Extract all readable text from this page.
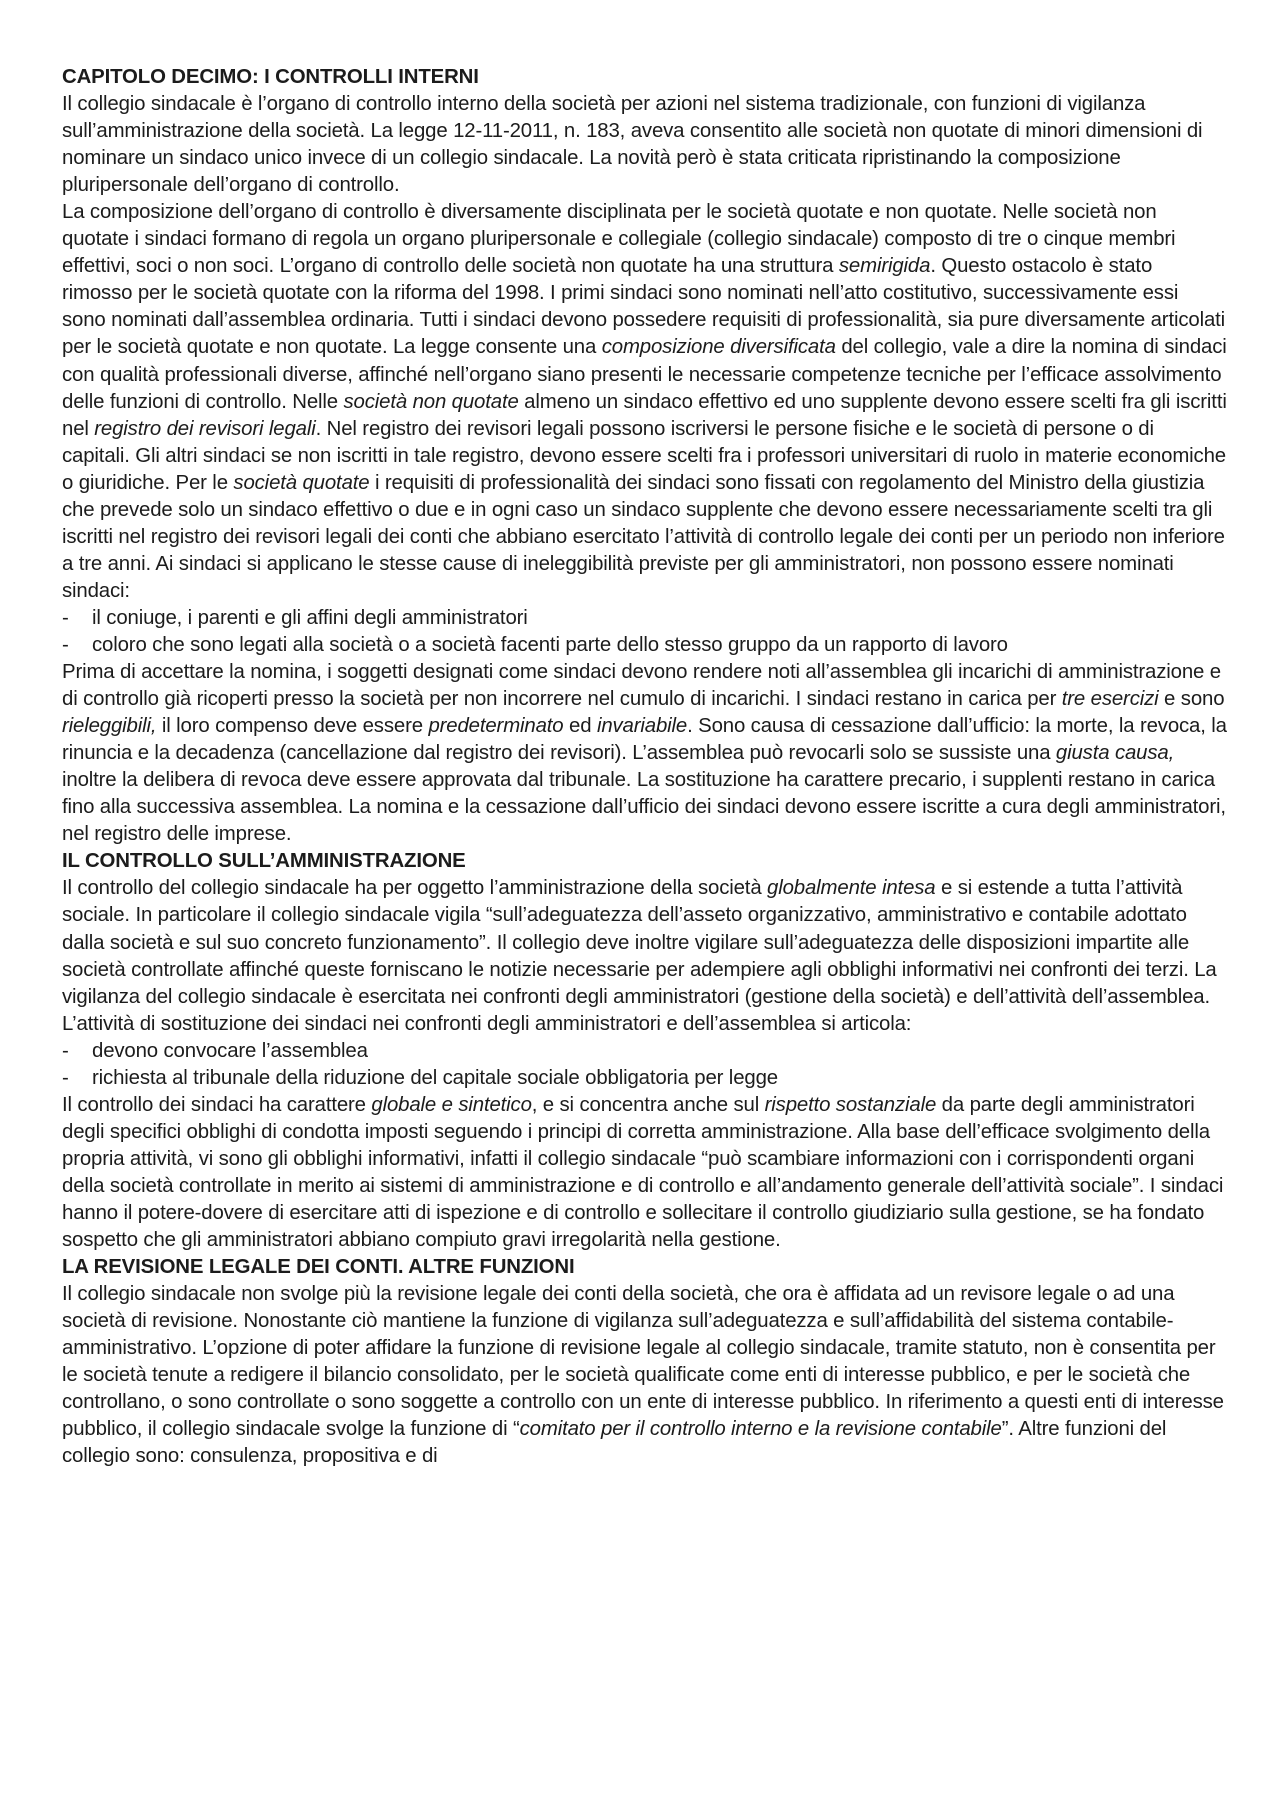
CAPITOLO DECIMO: I CONTROLLI INTERNI

Il collegio sindacale è l’organo di controllo interno della società per azioni nel sistema tradizionale, con funzioni di vigilanza sull’amministrazione della società. La legge 12-11-2011, n. 183, aveva consentito alle società non quotate di minori dimensioni di nominare un sindaco unico invece di un collegio sindacale. La novità però è stata criticata ripristinando la composizione pluripersonale dell’organo di controllo.

La composizione dell’organo di controllo è diversamente disciplinata per le società quotate e non quotate. Nelle società non quotate i sindaci formano di regola un organo pluripersonale e collegiale (collegio sindacale) composto di tre o cinque membri effettivi, soci o non soci. L’organo di controllo delle società non quotate ha una struttura semirigida. Questo ostacolo è stato rimosso per le società quotate con la riforma del 1998. I primi sindaci sono nominati nell’atto costitutivo, successivamente essi sono nominati dall’assemblea ordinaria. Tutti i sindaci devono possedere requisiti di professionalità, sia pure diversamente articolati per le società quotate e non quotate. La legge consente una composizione diversificata del collegio, vale a dire la nomina di sindaci con qualità professionali diverse, affinché nell’organo siano presenti le necessarie competenze tecniche per l’efficace assolvimento delle funzioni di controllo. Nelle società non quotate almeno un sindaco effettivo ed uno supplente devono essere scelti fra gli iscritti nel registro dei revisori legali. Nel registro dei revisori legali possono iscriversi le persone fisiche e le società di persone o di capitali. Gli altri sindaci se non iscritti in tale registro, devono essere scelti fra i professori universitari di ruolo in materie economiche o giuridiche. Per le società quotate i requisiti di professionalità dei sindaci sono fissati con regolamento del Ministro della giustizia che prevede solo un sindaco effettivo o due e in ogni caso un sindaco supplente che devono essere necessariamente scelti tra gli iscritti nel registro dei revisori legali dei conti che abbiano esercitato l’attività di controllo legale dei conti per un periodo non inferiore a tre anni. Ai sindaci si applicano le stesse cause di ineleggibilità previste per gli amministratori, non possono essere nominati sindaci:

- il coniuge, i parenti e gli affini degli amministratori
- coloro che sono legati alla società o a società facenti parte dello stesso gruppo da un rapporto di lavoro

Prima di accettare la nomina, i soggetti designati come sindaci devono rendere noti all’assemblea gli incarichi di amministrazione e di controllo già ricoperti presso la società per non incorrere nel cumulo di incarichi. I sindaci restano in carica per tre esercizi e sono rieleggibili, il loro compenso deve essere predeterminato ed invariabile. Sono causa di cessazione dall’ufficio: la morte, la revoca, la rinuncia e la decadenza (cancellazione dal registro dei revisori). L’assemblea può revocarli solo se sussiste una giusta causa, inoltre la delibera di revoca deve essere approvata dal tribunale. La sostituzione ha carattere precario, i supplenti restano in carica fino alla successiva assemblea. La nomina e la cessazione dall’ufficio dei sindaci devono essere iscritte a cura degli amministratori, nel registro delle imprese.

IL CONTROLLO SULL’AMMINISTRAZIONE

Il controllo del collegio sindacale ha per oggetto l’amministrazione della società globalmente intesa e si estende a tutta l’attività sociale. In particolare il collegio sindacale vigila “sull’adeguatezza dell’asseto organizzativo, amministrativo e contabile adottato dalla società e sul suo concreto funzionamento”. Il collegio deve inoltre vigilare sull’adeguatezza delle disposizioni impartite alle società controllate affinché queste forniscano le notizie necessarie per adempiere agli obblighi informativi nei confronti dei terzi. La vigilanza del collegio sindacale è esercitata nei confronti degli amministratori (gestione della società) e dell’attività dell’assemblea. L’attività di sostituzione dei sindaci nei confronti degli amministratori e dell’assemblea si articola:

- devono convocare l’assemblea
- richiesta al tribunale della riduzione del capitale sociale obbligatoria per legge

Il controllo dei sindaci ha carattere globale e sintetico, e si concentra anche sul rispetto sostanziale da parte degli amministratori degli specifici obblighi di condotta imposti seguendo i principi di corretta amministrazione. Alla base dell’efficace svolgimento della propria attività, vi sono gli obblighi informativi, infatti il collegio sindacale “può scambiare informazioni con i corrispondenti organi della società controllate in merito ai sistemi di amministrazione e di controllo e all’andamento generale dell’attività sociale”. I sindaci hanno il potere-dovere di esercitare atti di ispezione e di controllo e sollecitare il controllo giudiziario sulla gestione, se ha fondato sospetto che gli amministratori abbiano compiuto gravi irregolarità nella gestione.

LA REVISIONE LEGALE DEI CONTI. ALTRE FUNZIONI

Il collegio sindacale non svolge più la revisione legale dei conti della società, che ora è affidata ad un revisore legale o ad una società di revisione. Nonostante ciò mantiene la funzione di vigilanza sull’adeguatezza e sull’affidabilità del sistema contabile-amministrativo. L’opzione di poter affidare la funzione di revisione legale al collegio sindacale, tramite statuto, non è consentita per le società tenute a redigere il bilancio consolidato, per le società qualificate come enti di interesse pubblico, e per le società che controllano, o sono controllate o sono soggette a controllo con un ente di interesse pubblico. In riferimento a questi enti di interesse pubblico, il collegio sindacale svolge la funzione di “comitato per il controllo interno e la revisione contabile”. Altre funzioni del collegio sono: consulenza, propositiva e di
